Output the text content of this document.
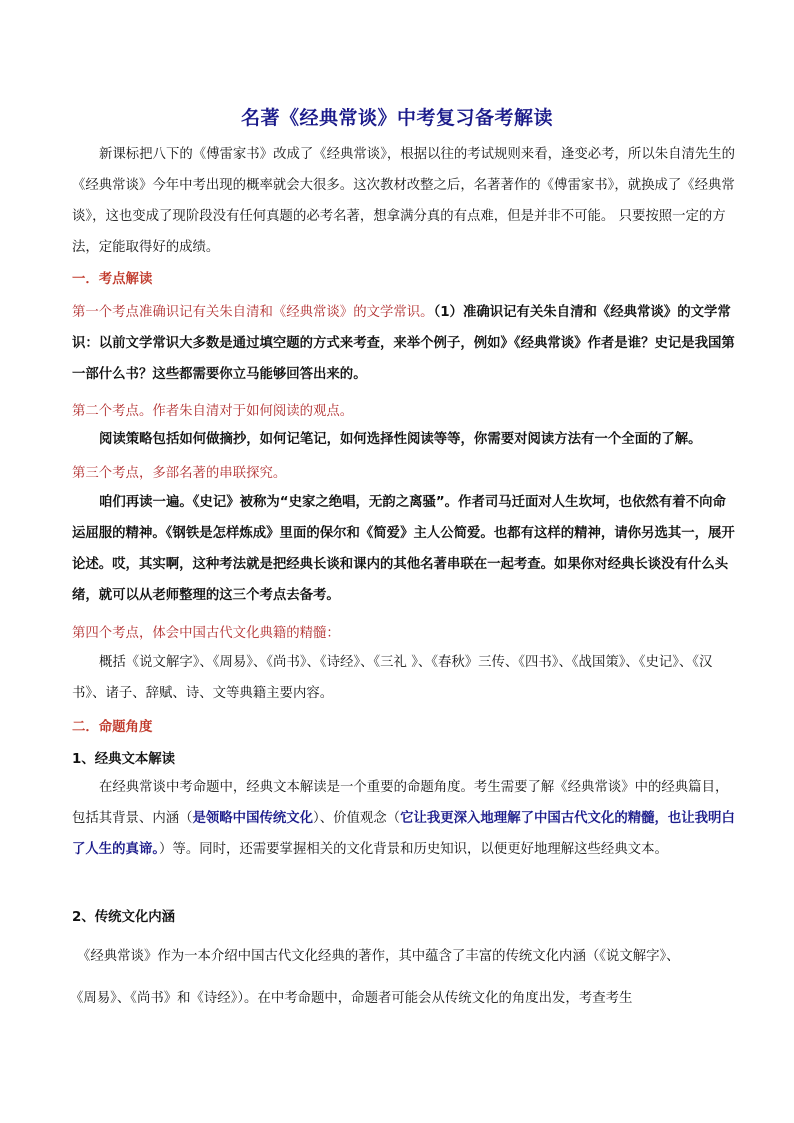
名著《经典常谈》中考复习备考解读

新课标把八下的《傅雷家书》改成了《经典常谈》，根据以往的考试规则来看，逢变必考，所以朱自清先生的《经典常谈》今年中考出现的概率就会大很多。这次教材改整之后，名著著作的《傅雷家书》，就换成了《经典常谈》，这也变成了现阶段没有任何真题的必考名著，想拿满分真的有点难，但是并非不可能。 只要按照一定的方法，定能取得好的成绩。

一．考点解读

第一个考点准确识记有关朱自清和《经典常谈》的文学常识。（1）准确识记有关朱自清和《经典常谈》的文学常识：以前文学常识大多数是通过填空题的方式来考查，来举个例子，例如》《经典常谈》作者是谁？史记是我国第一部什么书？这些都需要你立马能够回答出来的。

第二个考点。作者朱自清对于如何阅读的观点。

阅读策略包括如何做摘抄，如何记笔记，如何选择性阅读等等，你需要对阅读方法有一个全面的了解。

第三个考点，多部名著的串联探究。

咱们再读一遍。《史记》被称为“史家之绝唱，无韵之离骚”。作者司马迁面对人生坎坷，也依然有着不向命运屈服的精神。《钢铁是怎样炼成》里面的保尔和《简爱》主人公简爱。也都有这样的精神，请你另选其一，展开论述。哎，其实啊，这种考法就是把经典长谈和课内的其他名著串联在一起考查。如果你对经典长谈没有什么头绪，就可以从老师整理的这三个考点去备考。

第四个考点，体会中国古代文化典籍的精髓：

概括《说文解字》、《周易》、《尚书》、《诗经》、《三礼 》、《春秋》三传、《四书》、《战国策》、《史记》、《汉书》、诸子、辞赋、诗、文等典籍主要内容。

二．命题角度
1、经典文本解读

在经典常谈中考命题中，经典文本解读是一个重要的命题角度。考生需要了解《经典常谈》中的经典篇目，包括其背景、内涵（是领略中国传统文化）、价值观念（它让我更深入地理解了中国古代文化的精髓，也让我明白了人生的真谛。）等。同时，还需要掌握相关的文化背景和历史知识，以便更好地理解这些经典文本。

2、传统文化内涵
《经典常谈》作为一本介绍中国古代文化经典的著作，其中蕴含了丰富的传统文化内涵（《说文解字》、
《周易》、《尚书》和《诗经》）。在中考命题中，命题者可能会从传统文化的角度出发，考查考生
